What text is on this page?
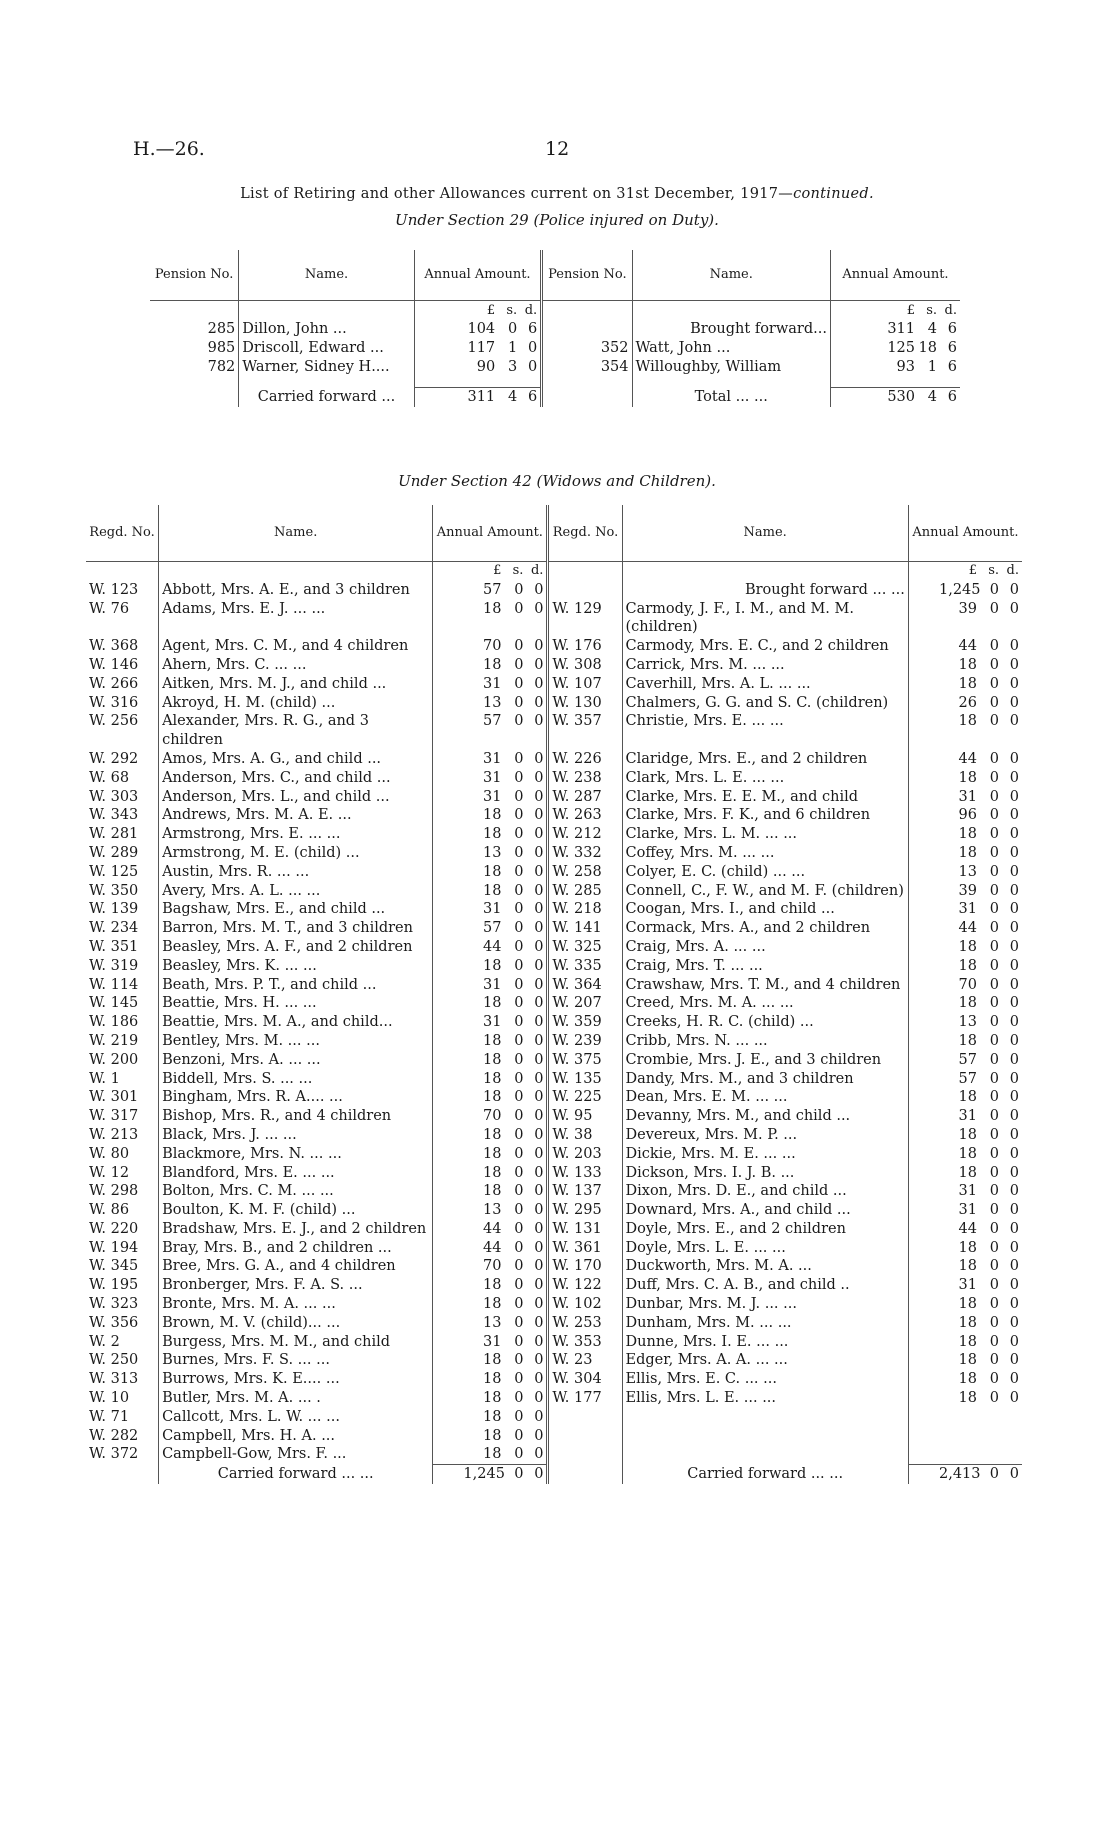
H.—26.	12
List of Retiring and other Allowances current on 31st December, 1917—continued.
Under Section 29 (Police injured on Duty).
Pension No.	Name.	Annual Amount.	Pension No.	Name.	Annual Amount.
		£ s. d.			£ s. d.
285	Dillon, John ...	104 0 6		Brought forward...	311 4 6
985	Driscoll, Edward ...	117 1 0	352	Watt, John ...	125 18 6
782	Warner, Sidney H....	90 3 0	354	Willoughby, William	93 1 6

	Carried forward ...	311 4 6		Total ... ...	530 4 6
Under Section 42 (Widows and Children).
Regd. No.	Name.	Annual Amount.	Regd. No.	Name.	Annual Amount.
		£ s. d.			£ s. d.
W. 123	Abbott, Mrs. A. E., and 3 children	57 0 0		Brought forward ... ...	1,245 0 0
W. 76	Adams, Mrs. E. J. ... ...	18 0 0	W. 129	Carmody, J. F., I. M., and M. M. (children)	39 0 0
W. 368	Agent, Mrs. C. M., and 4 children	70 0 0	W. 176	Carmody, Mrs. E. C., and 2 children	44 0 0
W. 146	Ahern, Mrs. C. ... ...	18 0 0	W. 308	Carrick, Mrs. M. ... ...	18 0 0
W. 266	Aitken, Mrs. M. J., and child ...	31 0 0	W. 107	Caverhill, Mrs. A. L. ... ...	18 0 0
W. 316	Akroyd, H. M. (child) ...	13 0 0	W. 130	Chalmers, G. G. and S. C. (children)	26 0 0
W. 256	Alexander, Mrs. R. G., and 3 children	57 0 0	W. 357	Christie, Mrs. E. ... ...	18 0 0
W. 292	Amos, Mrs. A. G., and child ...	31 0 0	W. 226	Claridge, Mrs. E., and 2 children	44 0 0
W. 68	Anderson, Mrs. C., and child ...	31 0 0	W. 238	Clark, Mrs. L. E. ... ...	18 0 0
W. 303	Anderson, Mrs. L., and child ...	31 0 0	W. 287	Clarke, Mrs. E. E. M., and child	31 0 0
W. 343	Andrews, Mrs. M. A. E. ...	18 0 0	W. 263	Clarke, Mrs. F. K., and 6 children	96 0 0
W. 281	Armstrong, Mrs. E. ... ...	18 0 0	W. 212	Clarke, Mrs. L. M. ... ...	18 0 0
W. 289	Armstrong, M. E. (child) ...	13 0 0	W. 332	Coffey, Mrs. M. ... ...	18 0 0
W. 125	Austin, Mrs. R. ... ...	18 0 0	W. 258	Colyer, E. C. (child) ... ...	13 0 0
W. 350	Avery, Mrs. A. L. ... ...	18 0 0	W. 285	Connell, C., F. W., and M. F. (children)	39 0 0
W. 139	Bagshaw, Mrs. E., and child ...	31 0 0	W. 218	Coogan, Mrs. I., and child ...	31 0 0
W. 234	Barron, Mrs. M. T., and 3 children	57 0 0	W. 141	Cormack, Mrs. A., and 2 children	44 0 0
W. 351	Beasley, Mrs. A. F., and 2 children	44 0 0	W. 325	Craig, Mrs. A. ... ...	18 0 0
W. 319	Beasley, Mrs. K. ... ...	18 0 0	W. 335	Craig, Mrs. T. ... ...	18 0 0
W. 114	Beath, Mrs. P. T., and child ...	31 0 0	W. 364	Crawshaw, Mrs. T. M., and 4 children	70 0 0
W. 145	Beattie, Mrs. H. ... ...	18 0 0	W. 207	Creed, Mrs. M. A. ... ...	18 0 0
W. 186	Beattie, Mrs. M. A., and child...	31 0 0	W. 359	Creeks, H. R. C. (child) ...	13 0 0
W. 219	Bentley, Mrs. M. ... ...	18 0 0	W. 239	Cribb, Mrs. N. ... ...	18 0 0
W. 200	Benzoni, Mrs. A. ... ...	18 0 0	W. 375	Crombie, Mrs. J. E., and 3 children	57 0 0
W. 1	Biddell, Mrs. S. ... ...	18 0 0	W. 135	Dandy, Mrs. M., and 3 children	57 0 0
W. 301	Bingham, Mrs. R. A.... ...	18 0 0	W. 225	Dean, Mrs. E. M. ... ...	18 0 0
W. 317	Bishop, Mrs. R., and 4 children	70 0 0	W. 95	Devanny, Mrs. M., and child ...	31 0 0
W. 213	Black, Mrs. J. ... ...	18 0 0	W. 38	Devereux, Mrs. M. P. ...	18 0 0
W. 80	Blackmore, Mrs. N. ... ...	18 0 0	W. 203	Dickie, Mrs. M. E. ... ...	18 0 0
W. 12	Blandford, Mrs. E. ... ...	18 0 0	W. 133	Dickson, Mrs. I. J. B. ...	18 0 0
W. 298	Bolton, Mrs. C. M. ... ...	18 0 0	W. 137	Dixon, Mrs. D. E., and child ...	31 0 0
W. 86	Boulton, K. M. F. (child) ...	13 0 0	W. 295	Downard, Mrs. A., and child ...	31 0 0
W. 220	Bradshaw, Mrs. E. J., and 2 children	44 0 0	W. 131	Doyle, Mrs. E., and 2 children	44 0 0
W. 194	Bray, Mrs. B., and 2 children ...	44 0 0	W. 361	Doyle, Mrs. L. E. ... ...	18 0 0
W. 345	Bree, Mrs. G. A., and 4 children	70 0 0	W. 170	Duckworth, Mrs. M. A. ...	18 0 0
W. 195	Bronberger, Mrs. F. A. S. ...	18 0 0	W. 122	Duff, Mrs. C. A. B., and child ..	31 0 0
W. 323	Bronte, Mrs. M. A. ... ...	18 0 0	W. 102	Dunbar, Mrs. M. J. ... ...	18 0 0
W. 356	Brown, M. V. (child)... ...	13 0 0	W. 253	Dunham, Mrs. M. ... ...	18 0 0
W. 2	Burgess, Mrs. M. M., and child	31 0 0	W. 353	Dunne, Mrs. I. E. ... ...	18 0 0
W. 250	Burnes, Mrs. F. S. ... ...	18 0 0	W. 23	Edger, Mrs. A. A. ... ...	18 0 0
W. 313	Burrows, Mrs. K. E.... ...	18 0 0	W. 304	Ellis, Mrs. E. C. ... ...	18 0 0
W. 10	Butler, Mrs. M. A. ... .	18 0 0	W. 177	Ellis, Mrs. L. E. ... ...	18 0 0
W. 71	Callcott, Mrs. L. W. ... ...	18 0 0			
W. 282	Campbell, Mrs. H. A. ...	18 0 0			
W. 372	Campbell-Gow, Mrs. F. ...	18 0 0			
	Carried forward ... ...	1,245 0 0		Carried forward ... ...	2,413 0 0
